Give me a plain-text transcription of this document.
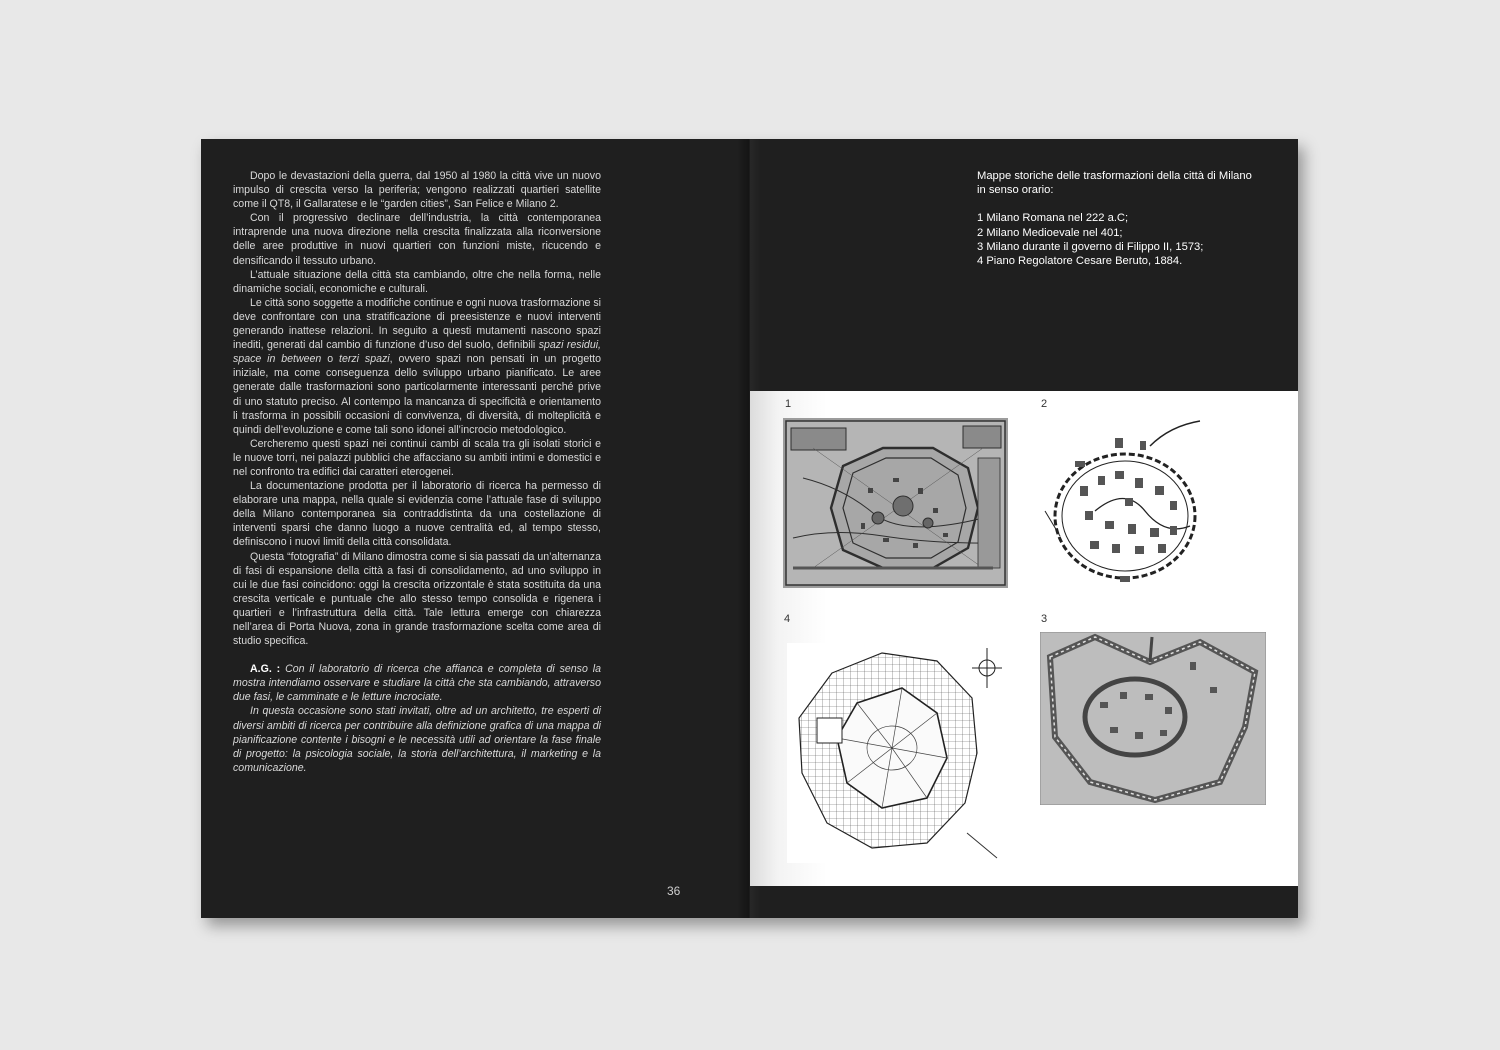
Dopo le devastazioni della guerra, dal 1950 al 1980 la città vive un nuovo impulso di crescita verso la periferia; vengono realizzati quartieri satellite come il QT8, il Gallaratese e le “garden cities”, San Felice e Milano 2.

Con il progressivo declinare dell’industria, la città contemporanea intraprende una nuova direzione nella crescita finalizzata alla riconversione delle aree produttive in nuovi quartieri con funzioni miste, ricucendo e densificando il tessuto urbano.

L’attuale situazione della città sta cambiando, oltre che nella forma, nelle dinamiche sociali, economiche e culturali.

Le città sono soggette a modifiche continue e ogni nuova trasformazione si deve confrontare con una stratificazione di preesistenze e nuovi interventi generando inattese relazioni. In seguito a questi mutamenti nascono spazi inediti, generati dal cambio di funzione d’uso del suolo, definibili spazi residui, space in between o terzi spazi, ovvero spazi non pensati in un progetto iniziale, ma come conseguenza dello sviluppo urbano pianificato. Le aree generate dalle trasformazioni sono particolarmente interessanti perché prive di uno statuto preciso. Al contempo la mancanza di specificità e orientamento li trasforma in possibili occasioni di convivenza, di diversità, di molteplicità e quindi dell’evoluzione e come tali sono idonei all’incrocio metodologico.

Cercheremo questi spazi nei continui cambi di scala tra gli isolati storici e le nuove torri, nei palazzi pubblici che affacciano su ambiti intimi e domestici e nel confronto tra edifici dai caratteri eterogenei.

La documentazione prodotta per il laboratorio di ricerca ha permesso di elaborare una mappa, nella quale si evidenzia come l’attuale fase di sviluppo della Milano contemporanea sia contraddistinta da una costellazione di interventi sparsi che danno luogo a nuove centralità ed, al tempo stesso, definiscono i nuovi limiti della città consolidata.

Questa “fotografia” di Milano dimostra come si sia passati da un’alternanza di fasi di espansione della città a fasi di consolidamento, ad uno sviluppo in cui le due fasi coincidono: oggi la crescita orizzontale è stata sostituita da una crescita verticale e puntuale che allo stesso tempo consolida e rigenera i quartieri e l’infrastruttura della città. Tale lettura emerge con chiarezza nell’area di Porta Nuova, zona in grande trasformazione scelta come area di studio specifica.

A.G. : Con il laboratorio di ricerca che affianca e completa di senso la mostra intendiamo osservare e studiare la città che sta cambiando, attraverso due fasi, le camminate e le letture incrociate.

In questa occasione sono stati invitati, oltre ad un architetto, tre esperti di diversi ambiti di ricerca per contribuire alla definizione grafica di una mappa di pianificazione contente i bisogni e le necessità utili ad orientare la fase finale di progetto: la psicologia sociale, la storia dell’architettura, il marketing e la comunicazione.

36
Mappe storiche delle trasformazioni della città di Milano
in senso orario:
1 Milano Romana nel 222 a.C;
2 Milano Medioevale nel 401;
3 Milano durante il governo di Filippo II, 1573;
4 Piano Regolatore Cesare Beruto, 1884.
1	2
4	3
